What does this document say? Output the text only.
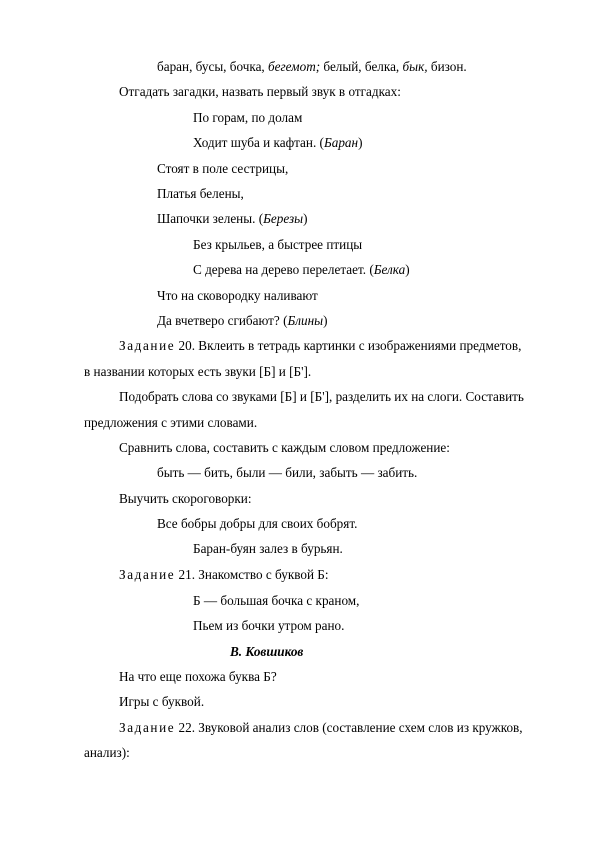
баран, бусы, бочка, бегемот; белый, белка, бык, бизон.
Отгадать загадки, назвать первый звук в отгадках:
По горам, по долам
Ходит шуба и кафтан. (Баран)
Стоят в поле сестрицы,
Платья белены,
Шапочки зелены. (Березы)
Без крыльев, а быстрее птицы
С дерева на дерево перелетает. (Белка)
Что на сковородку наливают
Да вчетверо сгибают? (Блины)
Задание 20. Вклеить в тетрадь картинки с изображениями предметов,
в названии которых есть звуки [Б] и [Б'].
Подобрать слова со звуками [Б] и [Б'], разделить их на слоги. Составить
предложения с этими словами.
Сравнить слова, составить с каждым словом предложение:
быть — бить, были — били, забыть — забить.
Выучить скороговорки:
Все бобры добры для своих бобрят.
Баран-буян залез в бурьян.
Задание 21. Знакомство с буквой Б:
Б — большая бочка с краном,
Пьем из бочки утром рано.
В. Ковшиков
На что еще похожа буква Б?
Игры с буквой.
Задание 22. Звуковой анализ слов (составление схем слов из кружков,
анализ):
